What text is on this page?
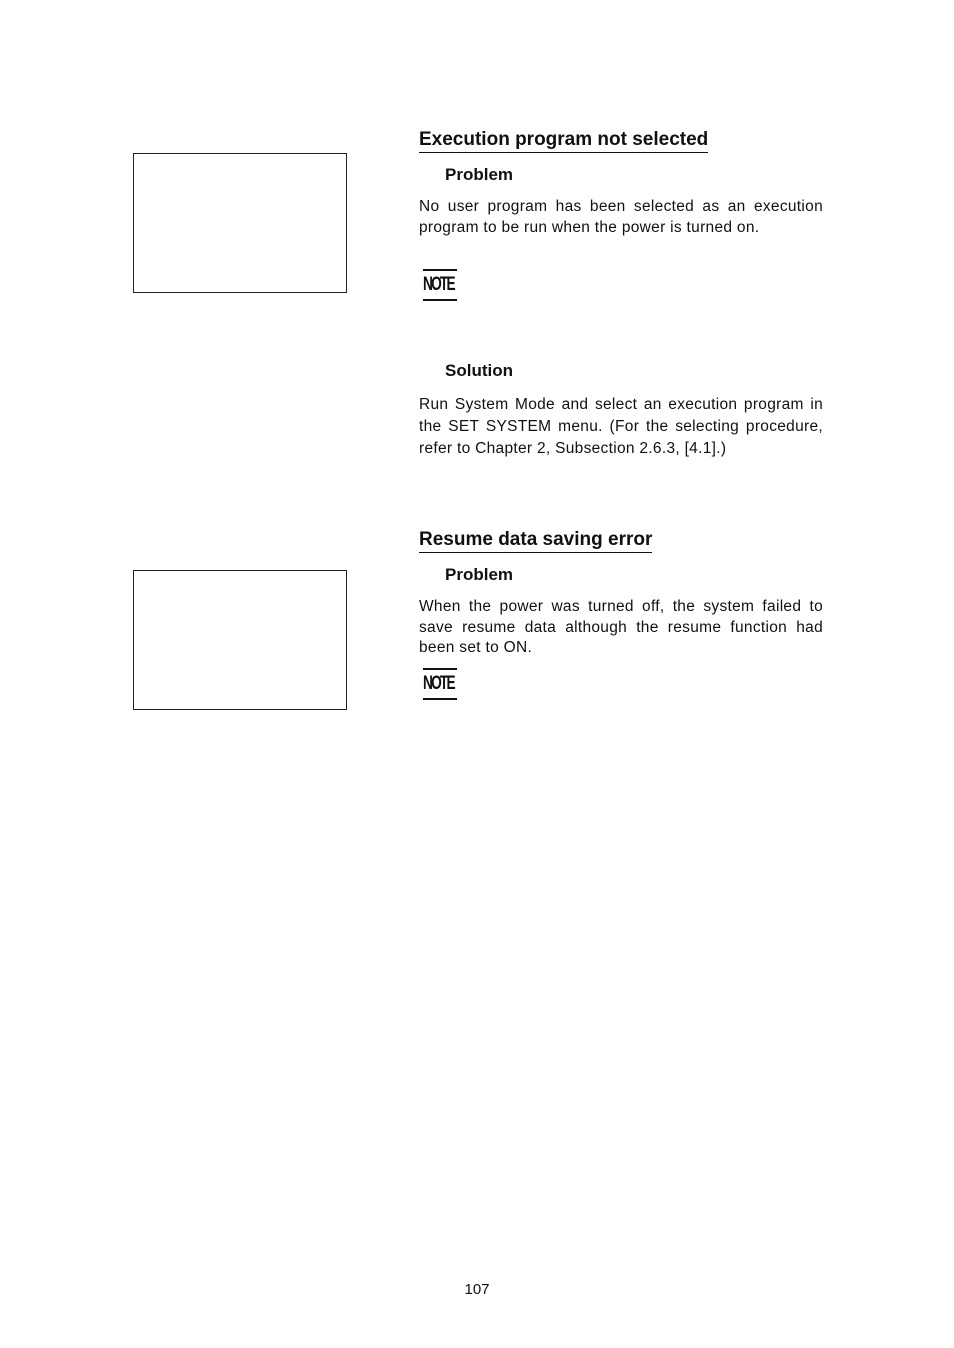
Execution program not selected
Problem

No user program has been selected as an execution program to be run when the power is turned on.

NOTE
Solution

Run System Mode and select an execution program in the SET SYSTEM menu. (For the selecting procedure, refer to Chapter 2, Subsection 2.6.3, [4.1].)

Resume data saving error
Problem

When the power was turned off, the system failed to save resume data although the resume function had been set to ON.

NOTE

107
